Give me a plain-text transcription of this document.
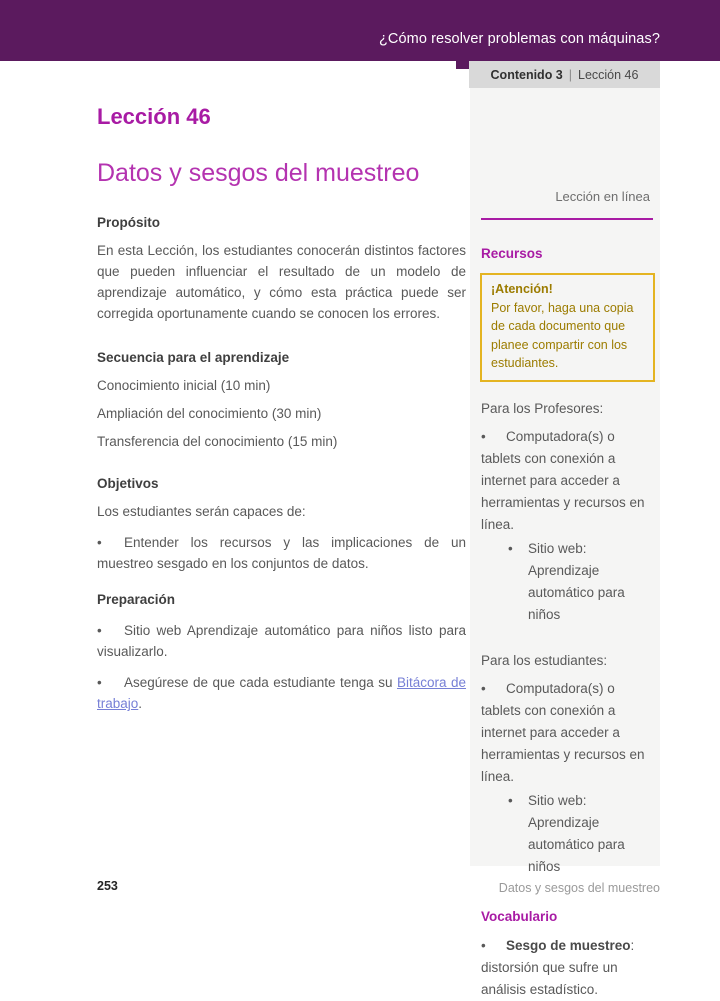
¿Cómo resolver problemas con máquinas?
Contenido 3 | Lección 46
Lección 46
Datos y sesgos del muestreo
Propósito

En esta Lección, los estudiantes conocerán distintos factores que pueden influenciar el resultado de un modelo de aprendizaje automático, y cómo esta práctica puede ser corregida oportunamente cuando se conocen los errores.

Secuencia para el aprendizaje

Conocimiento inicial (10 min)

Ampliación del conocimiento (30 min)

Transferencia del conocimiento (15 min)

Objetivos

Los estudiantes serán capaces de:

• Entender los recursos y las implicaciones de un muestreo sesgado en los conjuntos de datos.

Preparación

• Sitio web Aprendizaje automático para niños listo para visualizarlo.

• Asegúrese de que cada estudiante tenga su Bitácora de trabajo.

Lección en línea
Recursos
¡Atención!
Por favor, haga una copia de cada documento que planee compartir con los estudiantes.
Para los Profesores:

• Computadora(s) o tablets con conexión a internet para acceder a herramientas y recursos en línea.

• Sitio web: Aprendizaje automático para niños

Para los estudiantes:

• Computadora(s) o tablets con conexión a internet para acceder a herramientas y recursos en línea.

• Sitio web: Aprendizaje automático para niños

Vocabulario

• Sesgo de muestreo: distorsión que sufre un análisis estadístico.

253	Datos y sesgos del muestreo
